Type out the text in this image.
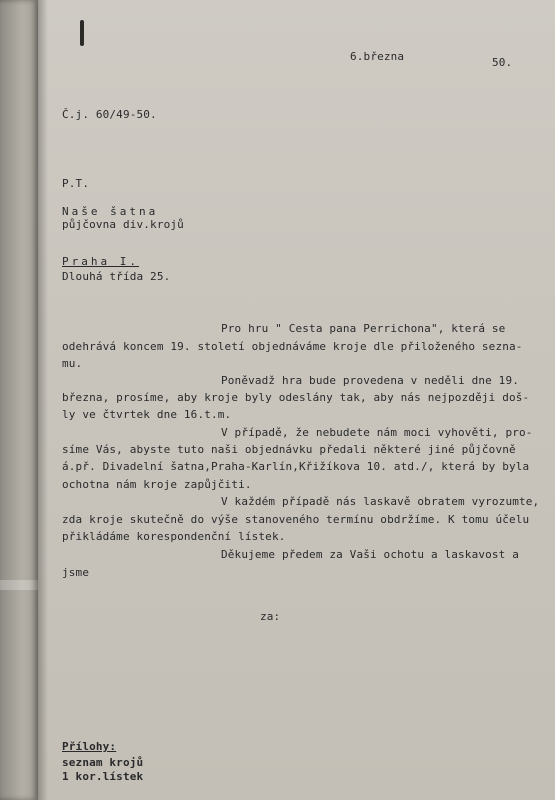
6.března	50.
Č.j. 60/49-50.
P.T.
Naše šatna
půjčovna div.krojů
Praha I.
Dlouhá třída 25.
Pro hru " Cesta pana Perrichona", která se
odehrává koncem 19. století objednáváme kroje dle přiloženého sezna-
mu.
Poněvadž hra bude provedena v neděli dne 19.
března, prosíme, aby kroje byly odeslány tak, aby nás nejpozději doš-
ly ve čtvrtek dne 16.t.m.
V případě, že nebudete nám moci vyhověti, pro-
síme Vás, abyste tuto naši objednávku předali některé jiné půjčovně
á.př. Divadelní šatna,Praha-Karlín,Křižíkova 10. atd./, která by byla
ochotna nám kroje zapůjčiti.
V každém případě nás laskavě obratem vyrozumte,
zda kroje skutečně do výše stanoveného termínu obdržíme. K tomu účelu
přikládáme korespondenční lístek.
Děkujeme předem za Vaši ochotu a laskavost a
jsme
za:
Přílohy:
seznam krojů
1 kor.lístek
